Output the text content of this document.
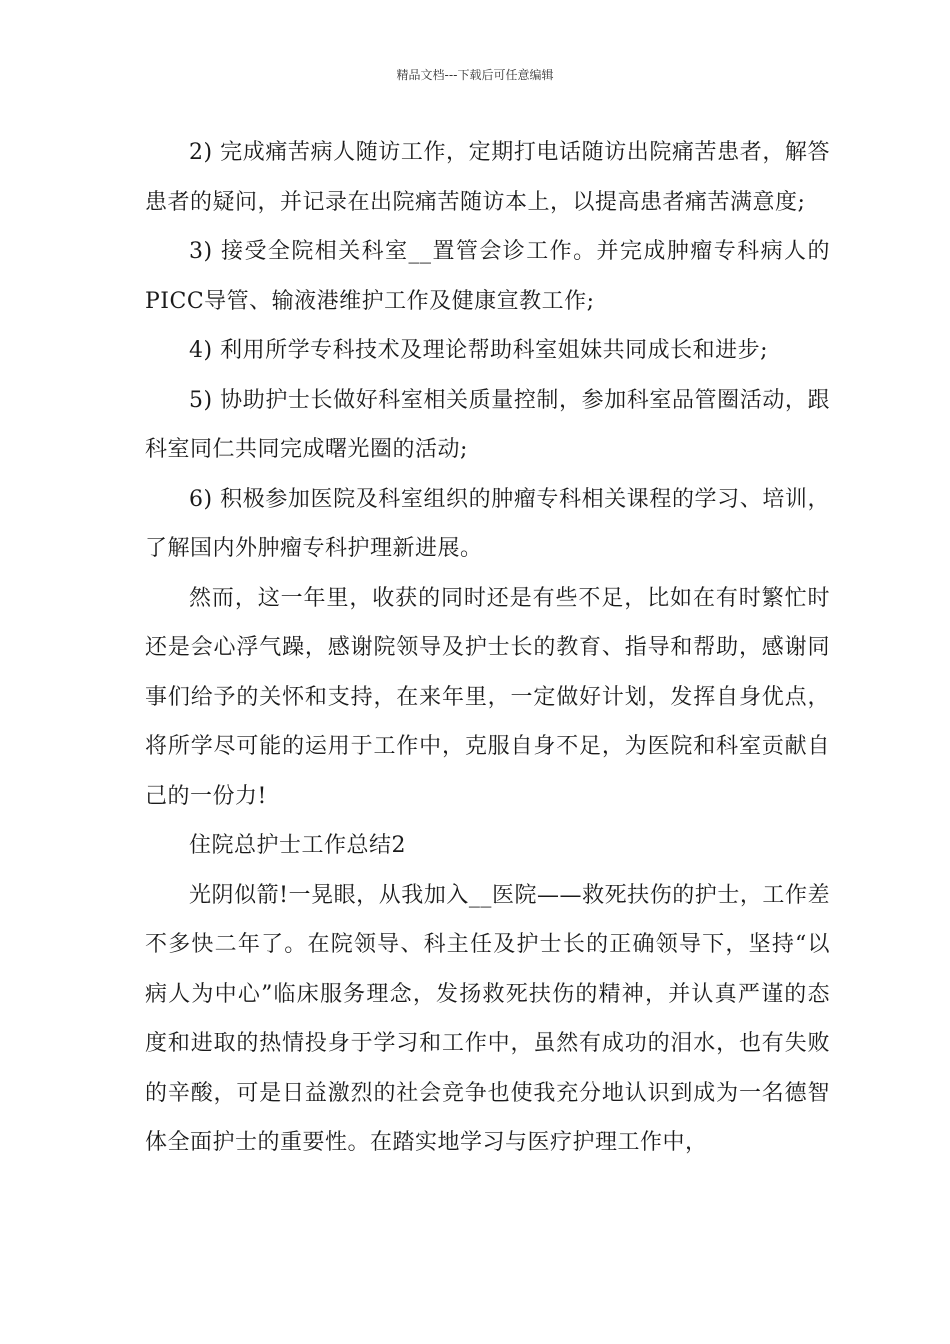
精品文档---下载后可任意编辑

2) 完成痛苦病人随访工作，定期打电话随访出院痛苦患者，解答患者的疑问，并记录在出院痛苦随访本上，以提高患者痛苦满意度;

3) 接受全院相关科室__置管会诊工作。并完成肿瘤专科病人的PICC导管、输液港维护工作及健康宣教工作;

4) 利用所学专科技术及理论帮助科室姐妹共同成长和进步;

5) 协助护士长做好科室相关质量控制，参加科室品管圈活动，跟科室同仁共同完成曙光圈的活动;

6) 积极参加医院及科室组织的肿瘤专科相关课程的学习、培训，了解国内外肿瘤专科护理新进展。

然而，这一年里，收获的同时还是有些不足，比如在有时繁忙时还是会心浮气躁，感谢院领导及护士长的教育、指导和帮助，感谢同事们给予的关怀和支持，在来年里，一定做好计划，发挥自身优点，将所学尽可能的运用于工作中，克服自身不足，为医院和科室贡献自己的一份力!

住院总护士工作总结2

光阴似箭!一晃眼，从我加入__医院——救死扶伤的护士，工作差不多快二年了。在院领导、科主任及护士长的正确领导下，坚持“以病人为中心”临床服务理念，发扬救死扶伤的精神，并认真严谨的态度和进取的热情投身于学习和工作中，虽然有成功的泪水，也有失败的辛酸，可是日益激烈的社会竞争也使我充分地认识到成为一名德智体全面护士的重要性。在踏实地学习与医疗护理工作中，
